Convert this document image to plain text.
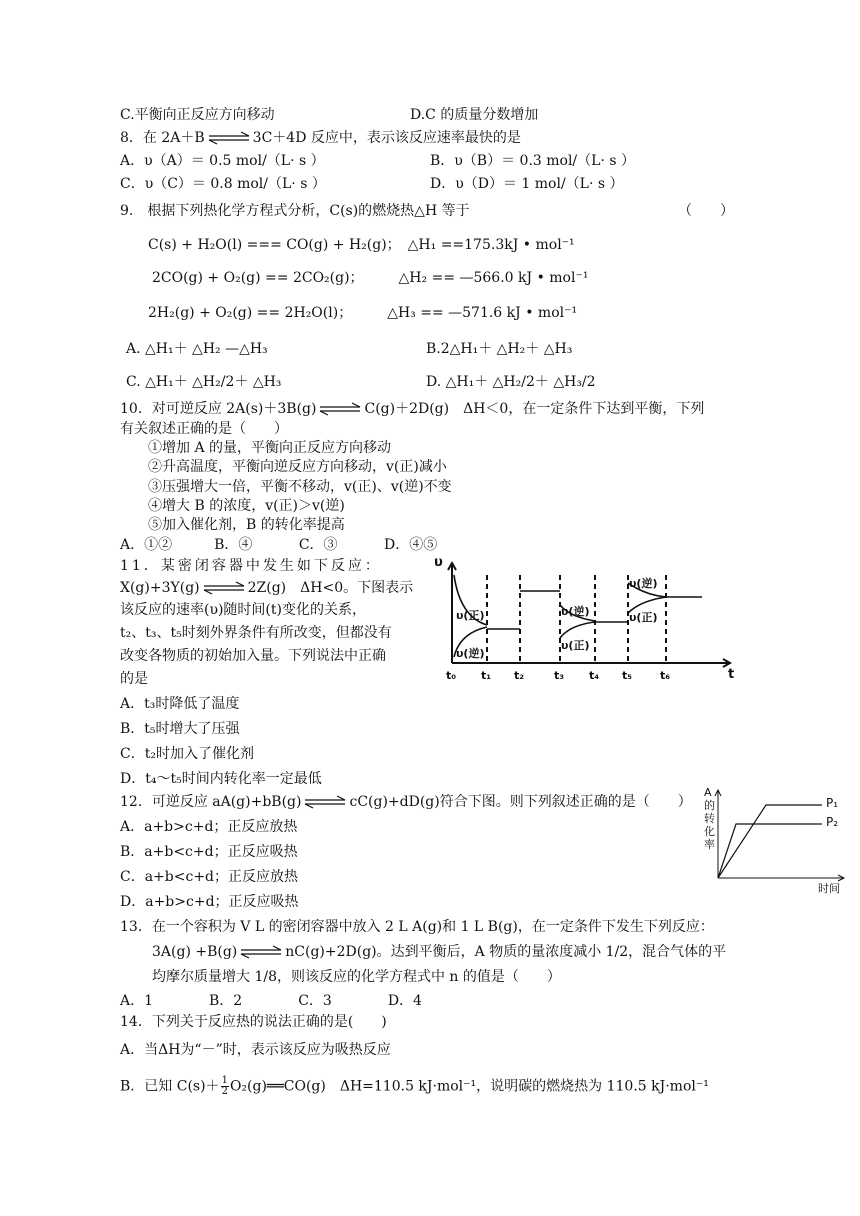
C.平衡向正反应方向移动	D.C 的质量分数增加
8．在 2A＋B ⇌ 3C＋4D 反应中，表示该反应速率最快的是
A．υ（A）＝ 0.5 mol/（L· s ）	B．υ（B）＝ 0.3 mol/（L· s ）
C．υ（C）＝ 0.8 mol/（L· s ）	D．υ（D）＝ 1 mol/（L· s ）
9.　根据下列热化学方程式分析，C(s)的燃烧热△H 等于	（　　）
C(s) + H₂O(l) === CO(g) + H₂(g)；　△H₁ ==175.3kJ • mol⁻¹
2CO(g) + O₂(g) == 2CO₂(g)；　　　△H₂ == —566.0 kJ • mol⁻¹
2H₂(g) + O₂(g) == 2H₂O(l)；　　　△H₃ == —571.6 kJ • mol⁻¹
A. △H₁＋ △H₂ —△H₃	B.2△H₁＋ △H₂＋ △H₃
C. △H₁＋ △H₂/2＋ △H₃	D. △H₁＋ △H₂/2＋ △H₃/2
10．对可逆反应 2A(s)＋3B(g) ⇌ C(g)＋2D(g)　ΔH＜0，在一定条件下达到平衡，下列
有关叙述正确的是（　　）
①增加 A 的量，平衡向正反应方向移动
②升高温度，平衡向逆反应方向移动，v(正)减小
③压强增大一倍，平衡不移动，v(正)、v(逆)不变
④增大 B 的浓度，v(正)＞v(逆)
⑤加入催化剂，B 的转化率提高
A．①②　　　B．④　　　 C．③　　　 D．④⑤
11．某密闭容器中发生如下反应：
X(g)+3Y(g) ⇌ 2Z(g)　ΔH<0。下图表示
该反应的速率(υ)随时间(t)变化的关系，
t₂、t₃、t₅时刻外界条件有所改变，但都没有
改变各物质的初始加入量。下列说法中正确
的是
A．t₃时降低了温度
B．t₅时增大了压强
C．t₂时加入了催化剂
D．t₄～t₅时间内转化率一定最低
υ
t
t₀ t₁ t₂	t₃ t₄ t₅	t₆
υ(正)
υ(逆)
υ(逆)
υ(正)
υ(逆)
υ(正)
12．可逆反应 aA(g)+bB(g) ⇌ cC(g)+dD(g)符合下图。则下列叙述正确的是（　　）
A．a+b>c+d；正反应放热
B．a+b<c+d；正反应吸热
C．a+b<c+d；正反应放热
D．a+b>c+d；正反应吸热
A
的
转
化
率
P₁
P₂
时间
13．在一个容积为 V L 的密闭容器中放入 2 L A(g)和 1 L B(g)，在一定条件下发生下列反应：
3A(g) +B(g) ⇌ nC(g)+2D(g)。达到平衡后，A 物质的量浓度减小 1/2，混合气体的平
均摩尔质量增大 1/8，则该反应的化学方程式中 n 的值是（　　）
A．1　　　　B．2　　　　C．3　　　　D．4
14．下列关于反应热的说法正确的是(　　)
A．当ΔH为“－”时，表示该反应为吸热反应
B．已知 $C(s)+ \frac{1}{2}$ O₂(g)══CO(g)　ΔH=110.5 kJ·mol⁻¹，说明碳的燃烧热为 110.5 kJ·mol⁻¹
